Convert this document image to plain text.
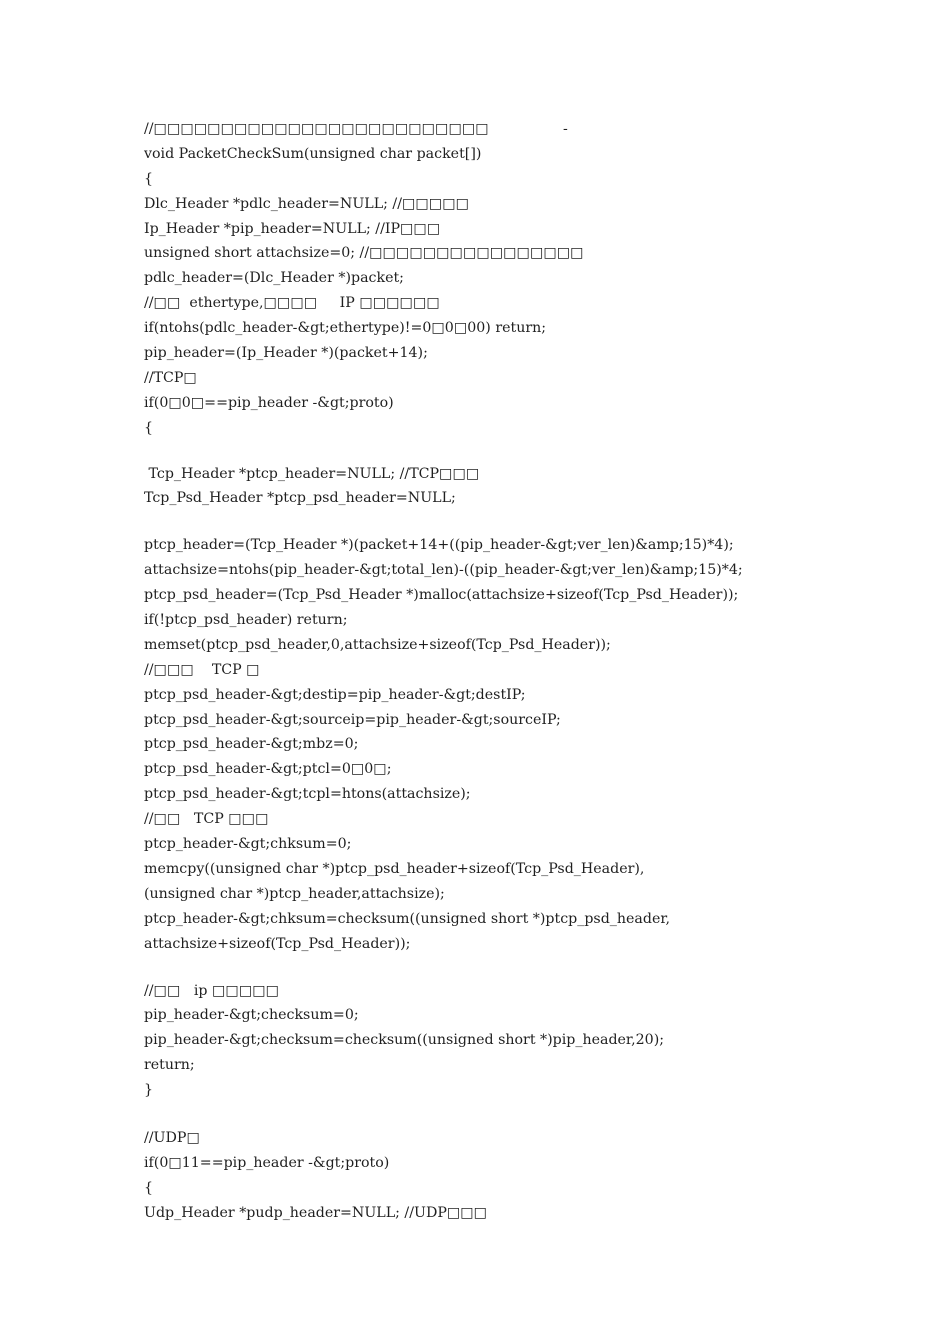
//□□□□□□□□□□□□□□□□□□□□□□□□□
void PacketCheckSum(unsigned char packet[])
{
Dlc_Header *pdlc_header=NULL; //□□□□□
Ip_Header *pip_header=NULL; //IP□□□
unsigned short attachsize=0; //□□□□□□□□□□□□□□□□
pdlc_header=(Dlc_Header *)packet;
//□□  ethertype,□□□□     IP □□□□□□
if(ntohs(pdlc_header-&gt;ethertype)!=0□0□00) return;
pip_header=(Ip_Header *)(packet+14);
//TCP□
if(0□0□==pip_header -&gt;proto)
{
Tcp_Header *ptcp_header=NULL; //TCP□□□
Tcp_Psd_Header *ptcp_psd_header=NULL;
ptcp_header=(Tcp_Header *)(packet+14+((pip_header-&gt;ver_len)&amp;15)*4);
attachsize=ntohs(pip_header-&gt;total_len)-((pip_header-&gt;ver_len)&amp;15)*4;
ptcp_psd_header=(Tcp_Psd_Header *)malloc(attachsize+sizeof(Tcp_Psd_Header));
if(!ptcp_psd_header) return;
memset(ptcp_psd_header,0,attachsize+sizeof(Tcp_Psd_Header));
//□□□    TCP □
ptcp_psd_header-&gt;destip=pip_header-&gt;destIP;
ptcp_psd_header-&gt;sourceip=pip_header-&gt;sourceIP;
ptcp_psd_header-&gt;mbz=0;
ptcp_psd_header-&gt;ptcl=0□0□;
ptcp_psd_header-&gt;tcpl=htons(attachsize);
//□□   TCP □□□
ptcp_header-&gt;chksum=0;
memcpy((unsigned char *)ptcp_psd_header+sizeof(Tcp_Psd_Header),
(unsigned char *)ptcp_header,attachsize);
ptcp_header-&gt;chksum=checksum((unsigned short *)ptcp_psd_header,
attachsize+sizeof(Tcp_Psd_Header));
//□□   ip □□□□□
pip_header-&gt;checksum=0;
pip_header-&gt;checksum=checksum((unsigned short *)pip_header,20);
return;
}
//UDP□
if(0□11==pip_header -&gt;proto)
{
Udp_Header *pudp_header=NULL; //UDP□□□
-
